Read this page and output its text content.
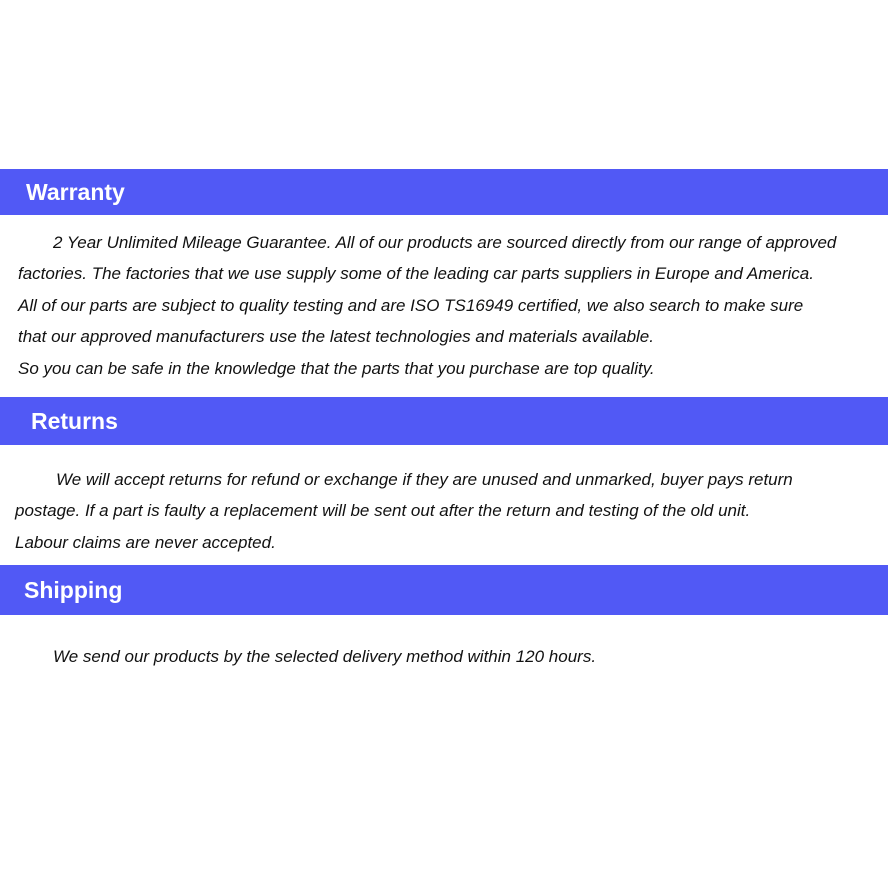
Warranty

2 Year Unlimited Mileage Guarantee. All of our products are sourced directly from our range of approved

factories. The factories that we use supply some of the leading car parts suppliers in Europe and America.

All of our parts are subject to quality testing and are ISO TS16949 certified, we also search to make sure

that our approved manufacturers use the latest technologies and materials available.

So you can be safe in the knowledge that the parts that you purchase are top quality.

Returns

We will accept returns for refund or exchange if they are unused and unmarked, buyer pays return

postage. If a part is faulty a replacement will be sent out after the return and testing of the old unit.

Labour claims are never accepted.

Shipping

We send our products by the selected delivery method within 120 hours.
